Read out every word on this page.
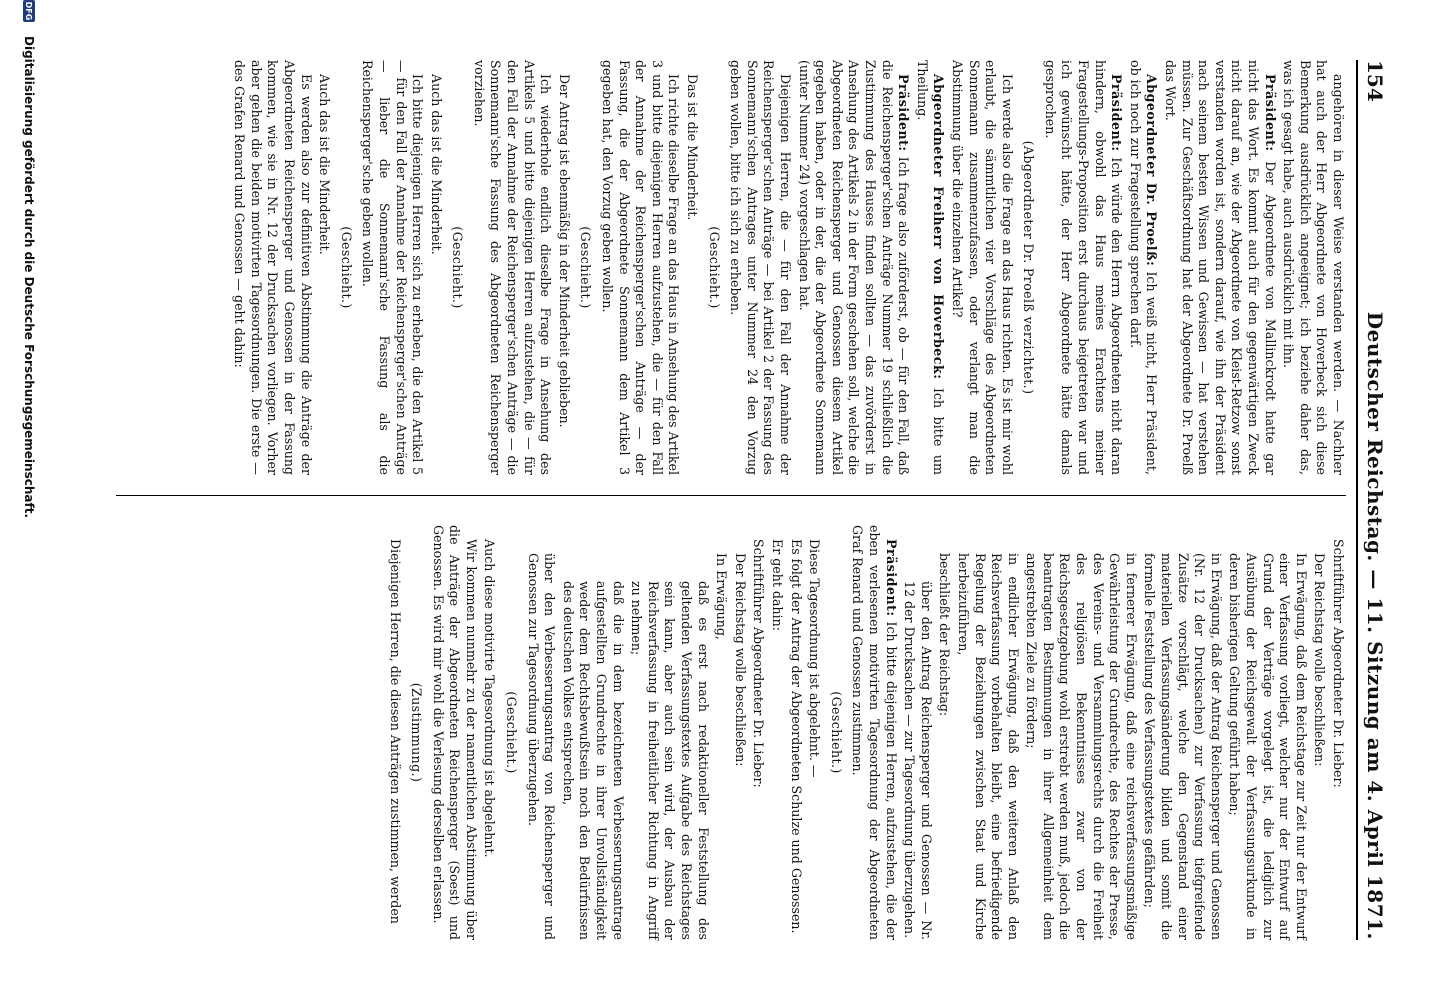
154
Deutscher Reichstag. — 11. Sitzung am 4. April 1871.

angehören in dieser Weise verstanden werden. — Nachher hat auch der Herr Abgeordnete von Hoverbeck sich diese Bemerkung ausdrücklich angeeignet; ich beziehe daher das, was ich gesagt habe, auch ausdrücklich mit ihn.

Präsident: Der Abgeordnete von Mallinckrodt hatte gar nicht das Wort. Es kommt auch für den gegenwärtigen Zweck nicht darauf an, wie der Abgeordnete von Kleist-Retzow sonst verstanden worden ist, sondern darauf, wie ihn der Präsident nach seinem besten Wissen und Gewissen — hat verstehen müssen. Zur Geschäftsordnung hat der Abgeordnete Dr. Proelß das Wort.

Abgeordneter Dr. Proelß: Ich weiß nicht, Herr Präsident, ob ich noch zur Fragestellung sprechen darf.

Präsident: Ich würde den Herrn Abgeordneten nicht daran hindern, obwohl das Haus meines Erachtens meiner Fragestellungs-Proposition erst durchaus beigetreten war und ich gewünscht hätte, der Herr Abgeordnete hätte damals gesprochen.

(Abgeordneter Dr. Proelß verzichtet.)

Ich werde also die Frage an das Haus richten. Es ist mir wohl erlaubt, die sämmtlichen vier Vorschläge des Abgeordneten Sonnemann zusammenzufassen, oder verlangt man die Abstimmung über die einzelnen Artikel?

Abgeordneter Freiherr von Hoverbeck: Ich bitte um Theilung.

Präsident: Ich frage also zuförderst, ob — für den Fall, daß die Reichensperger'schen Anträge Nummer 19 schließlich die Zustimmung des Hauses finden sollten — das zuvörderst in Ansehung des Artikels 2 in der Form geschehen soll, welche die Abgeordneten Reichensperger und Genossen diesem Artikel gegeben haben, oder in der, die der Abgeordnete Sonnemann (unter Nummer 24) vorgeschlagen hat.

Diejenigen Herren, die — für den Fall der Annahme der Reichensperger'schen Anträge — bei Artikel 2 der Fassung des Sonnemann'schen Antrages unter Nummer 24 den Vorzug geben wollen, bitte ich sich zu erheben.

(Geschieht.)

Das ist die Minderheit.

Ich richte dieselbe Frage an das Haus in Ansehung des Artikel 3 und bitte diejenigen Herren aufzustehen, die — für den Fall der Annahme der Reichensperger'schen Anträge — der Fassung, die der Abgeordnete Sonnemann dem Artikel 3 gegeben hat, den Vorzug geben wollen.

(Geschieht.)

Der Antrag ist ebenmäßig in der Minderheit geblieben.

Ich wiederhole endlich dieselbe Frage in Ansehung des Artikels 5 und bitte diejenigen Herren aufzustehen, die — für den Fall der Annahme der Reichensperger'schen Anträge — die Sonnemann'sche Fassung des Abgeordneten Reichensperger vorziehen.

(Geschieht.)

Auch das ist die Minderheit.

Ich bitte diejenigen Herren sich zu erheben, die den Artikel 5 — für den Fall der Annahme der Reichensperger'schen Anträge — lieber die Sonnemann'sche Fassung als die Reichensperger'sche geben wollen.

(Geschieht.)

Auch das ist die Minderheit.

Es werden also zur definitiven Abstimmung die Anträge der Abgeordneten Reichensperger und Genossen in der Fassung kommen, wie sie in Nr. 12 der Drucksachen vorliegen. Vorher aber gehen die beiden motivirten Tagesordnungen. Die erste — des Grafen Renard und Genossen — geht dahin:

Schriftführer Abgeordneter Dr. Lieber:

Der Reichstag wolle beschließen:

In Erwägung, daß dem Reichstage zur Zeit nur der Entwurf einer Verfassung vorliegt, welcher nur der Entwurf auf Grund der Verträge vorgelegt ist, die lediglich zur Ausübung der Reichsgewalt der Verfassungsurkunde in deren bisherigen Geltung geführt haben;

in Erwägung, daß der Antrag Reichensperger und Genossen (Nr. 12 der Drucksachen) zur Verfassung tiefgreifende Zusätze vorschlägt, welche den Gegenstand einer materiellen Verfassungsänderung bilden und somit die formelle Feststellung des Verfassungstextes gefährden;

in fernerer Erwägung, daß eine reichsverfassungsmäßige Gewährleistung der Grundrechte, des Rechtes der Presse, des Vereins- und Versammlungsrechts durch die Freiheit des religiösen Bekenntnisses zwar von der Reichsgesetzgebung wohl erstrebt werden muß, jedoch die beantragten Bestimmungen in ihrer Allgemeinheit dem angestrebten Ziele zu fördern;

in endlicher Erwägung, daß den weiteren Anlaß den Reichsverfassung vorbehalten bleibt, eine befriedigende Regelung der Beziehungen zwischen Staat und Kirche herbeizuführen,

beschließt der Reichstag:

über den Antrag Reichensperger und Genossen — Nr. 12 der Drucksachen — zur Tagesordnung überzugehen.

Präsident: Ich bitte diejenigen Herren, aufzustehen, die der eben verlesenen motivirten Tagesordnung der Abgeordneten Graf Renard und Genossen zustimmen.

(Geschieht.)

Diese Tagesordnung ist abgelehnt. —

Es folgt der Antrag der Abgeordneten Schulze und Genossen.

Er geht dahin:

Schriftführer Abgeordneter Dr. Lieber:

Der Reichstag wolle beschließen:

In Erwägung,

daß es erst nach redaktioneller Feststellung des geltenden Verfassungstextes Aufgabe des Reichstages sein kann, aber auch sein wird, der Ausbau der Reichsverfassung in freiheitlicher Richtung in Angriff zu nehmen;

daß die in dem bezeichneten Verbesserungsantrage aufgestellten Grundrechte in ihrer Unvollständigkeit weder dem Rechtsbewußtsein noch den Bedürfnissen des deutschen Volkes entsprechen,

über den Verbesserungsantrag von Reichensperger und Genossen zur Tagesordnung überzugehen.

(Geschieht.)

Auch diese motivirte Tagesordnung ist abgelehnt.

Wir kommen nunmehr zu der namentlichen Abstimmung über die Anträge der Abgeordneten Reichensperger (Soest) und Genossen. Es wird mir wohl die Verlesung derselben erlassen.

(Zustimmung.)

Diejenigen Herren, die diesen Anträgen zustimmen, werden

DFG
Digitalisierung gefördert durch die Deutsche Forschungsgemeinschaft.
